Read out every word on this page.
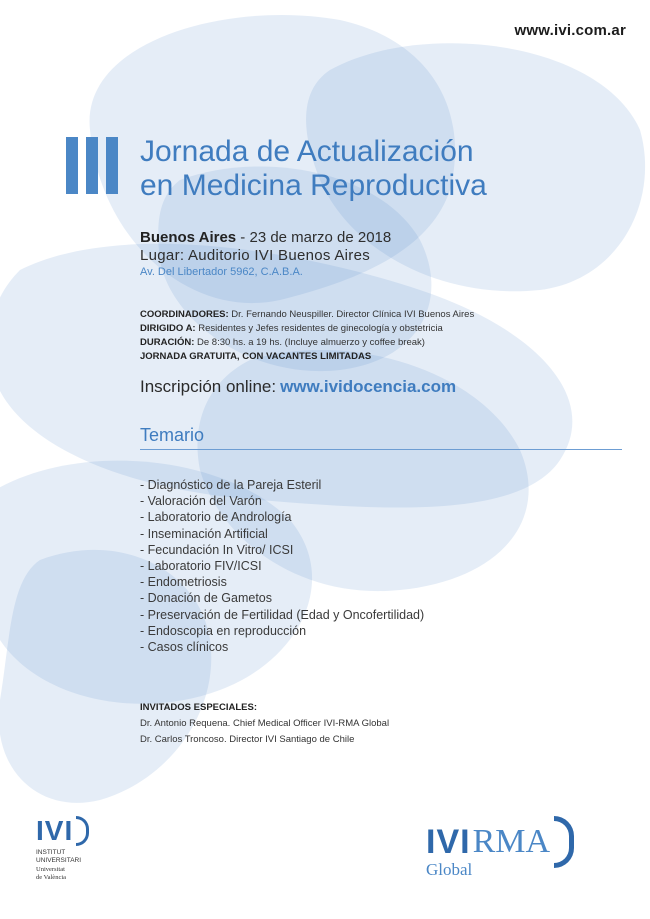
www.ivi.com.ar
Jornada de Actualización
en Medicina Reproductiva
Buenos Aires - 23 de marzo de 2018
Lugar: Auditorio IVI Buenos Aires
Av. Del Libertador 5962, C.A.B.A.
COORDINADORES: Dr. Fernando Neuspiller. Director Clínica IVI Buenos Aires
DIRIGIDO A: Residentes y Jefes residentes de ginecología y obstetricia
DURACIÓN: De 8:30 hs. a 19 hs. (Incluye almuerzo y coffee break)
JORNADA GRATUITA, CON VACANTES LIMITADAS
Inscripción online: www.ividocencia.com
Temario
- Diagnóstico de la Pareja Esteril
- Valoración del Varón
- Laboratorio de Andrología
- Inseminación Artificial
- Fecundación In Vitro/ ICSI
- Laboratorio FIV/ICSI
- Endometriosis
- Donación de Gametos
- Preservación de Fertilidad (Edad y Oncofertilidad)
- Endoscopia en reproducción
- Casos clínicos
INVITADOS ESPECIALES:
Dr. Antonio Requena. Chief Medical Officer IVI-RMA Global
Dr. Carlos Troncoso. Director IVI Santiago de Chile
IVI
INSTITUT
UNIVERSITARI
Universitat
de València
IVI RMA
Global
